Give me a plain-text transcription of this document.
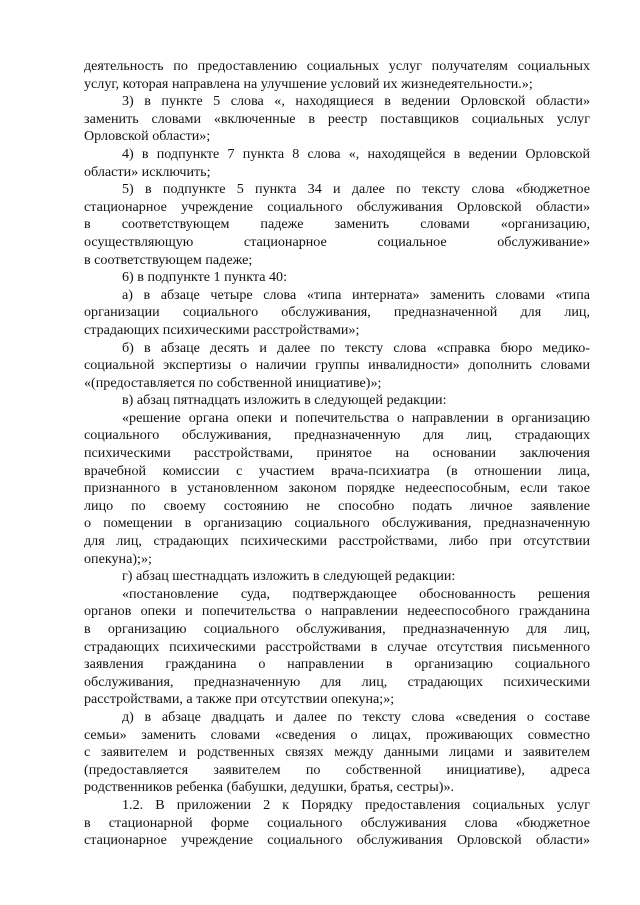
деятельность по предоставлению социальных услуг получателям социальных
услуг, которая направлена на улучшение условий их жизнедеятельности.»;
3) в пункте 5 слова «, находящиеся в ведении Орловской области»
заменить словами «включенные в реестр поставщиков социальных услуг
Орловской области»;
4) в подпункте 7 пункта 8 слова «, находящейся в ведении Орловской
области» исключить;
5) в подпункте 5 пункта 34 и далее по тексту слова «бюджетное
стационарное учреждение социального обслуживания Орловской области»
в соответствующем падеже заменить словами «организацию,
осуществляющую стационарное социальное обслуживание»
в соответствующем падеже;
6) в подпункте 1 пункта 40:
а) в абзаце четыре слова «типа интерната» заменить словами «типа
организации социального обслуживания, предназначенной для лиц,
страдающих психическими расстройствами»;
б) в абзаце десять и далее по тексту слова «справка бюро медико-
социальной экспертизы о наличии группы инвалидности» дополнить словами
«(предоставляется по собственной инициативе)»;
в) абзац пятнадцать изложить в следующей редакции:
«решение органа опеки и попечительства о направлении в организацию
социального обслуживания, предназначенную для лиц, страдающих
психическими расстройствами, принятое на основании заключения
врачебной комиссии с участием врача-психиатра (в отношении лица,
признанного в установленном законом порядке недееспособным, если такое
лицо по своему состоянию не способно подать личное заявление
о помещении в организацию социального обслуживания, предназначенную
для лиц, страдающих психическими расстройствами, либо при отсутствии
опекуна);»;
г) абзац шестнадцать изложить в следующей редакции:
«постановление суда, подтверждающее обоснованность решения
органов опеки и попечительства о направлении недееспособного гражданина
в организацию социального обслуживания, предназначенную для лиц,
страдающих психическими расстройствами в случае отсутствия письменного
заявления гражданина о направлении в организацию социального
обслуживания, предназначенную для лиц, страдающих психическими
расстройствами, а также при отсутствии опекуна;»;
д) в абзаце двадцать и далее по тексту слова «сведения о составе
семьи» заменить словами «сведения о лицах, проживающих совместно
с заявителем и родственных связях между данными лицами и заявителем
(предоставляется заявителем по собственной инициативе), адреса
родственников ребенка (бабушки, дедушки, братья, сестры)».
1.2. В приложении 2 к Порядку предоставления социальных услуг
в стационарной форме социального обслуживания слова «бюджетное
стационарное учреждение социального обслуживания Орловской области»
